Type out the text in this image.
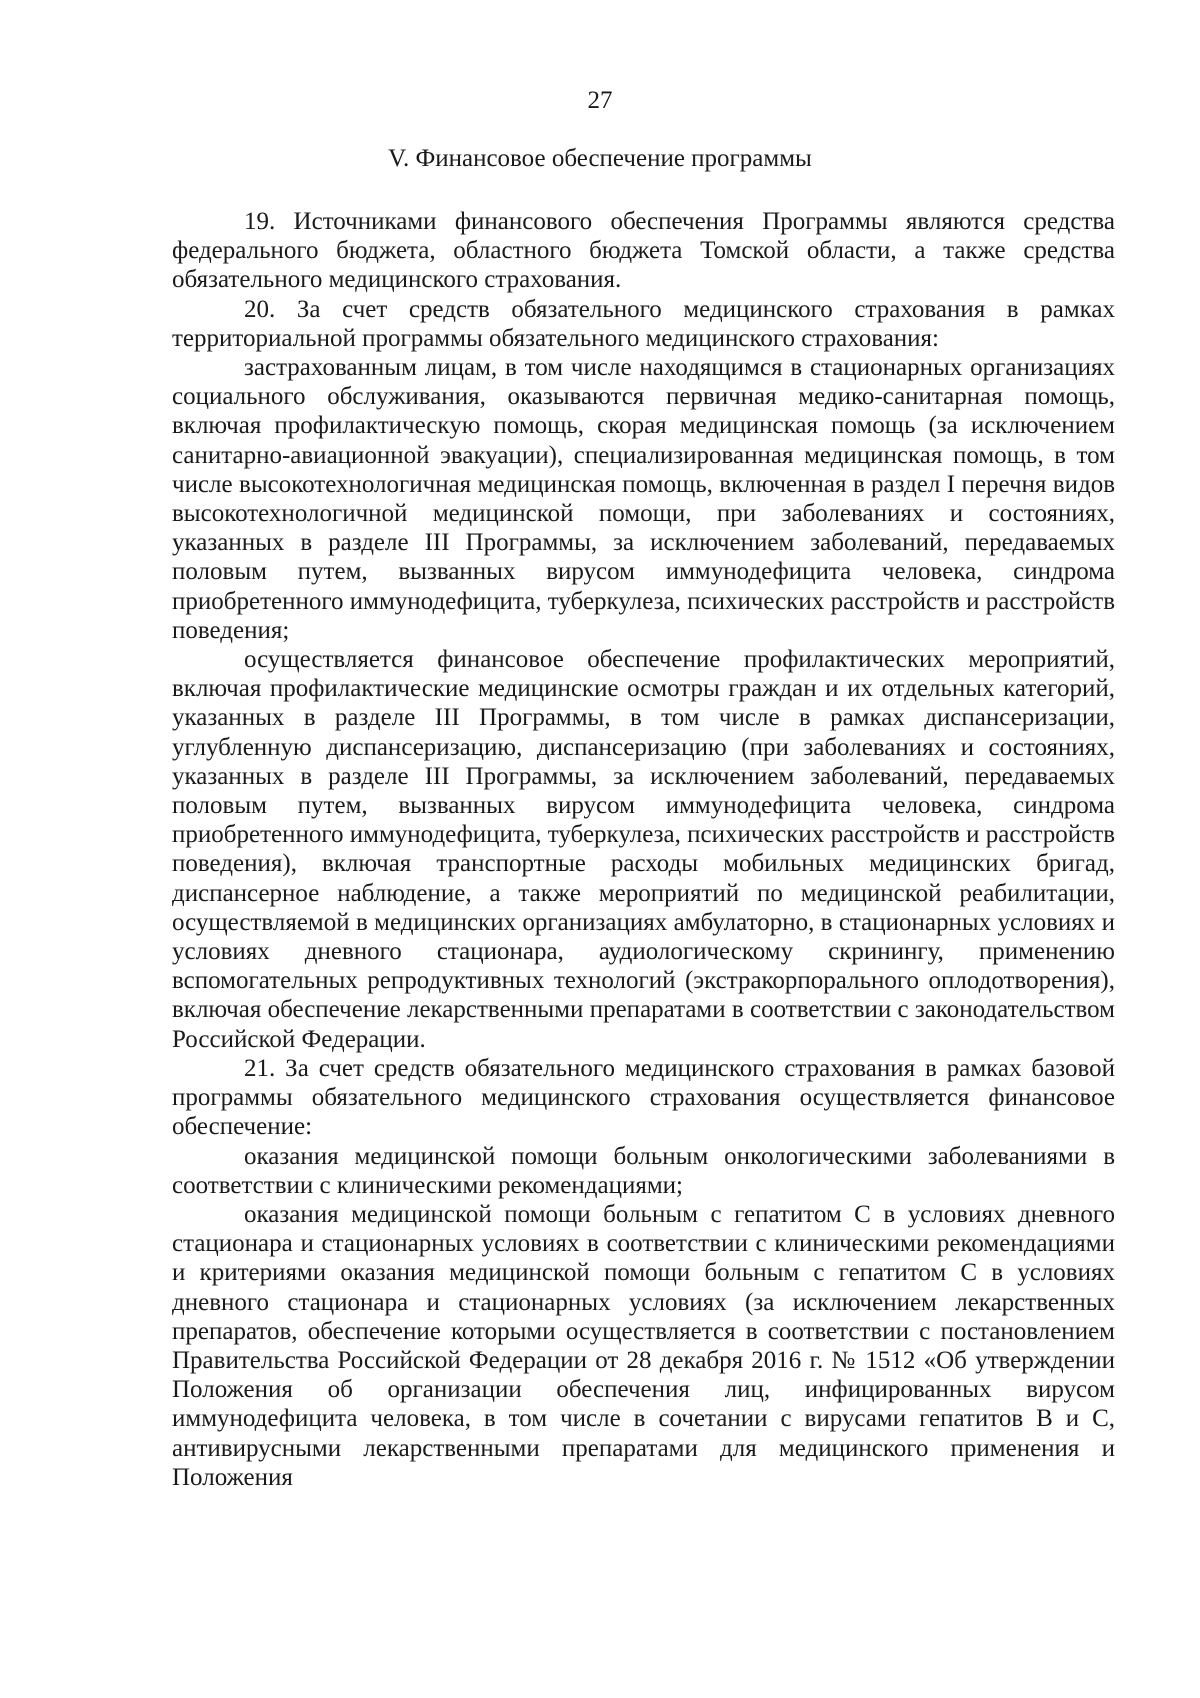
27
V. Финансовое обеспечение программы

19. Источниками финансового обеспечения Программы являются средства федерального бюджета, областного бюджета Томской области, а также средства обязательного медицинского страхования.

20. За счет средств обязательного медицинского страхования в рамках территориальной программы обязательного медицинского страхования:

застрахованным лицам, в том числе находящимся в стационарных организациях социального обслуживания, оказываются первичная медико-санитарная помощь, включая профилактическую помощь, скорая медицинская помощь (за исключением санитарно-авиационной эвакуации), специализированная медицинская помощь, в том числе высокотехнологичная медицинская помощь, включенная в раздел I перечня видов высокотехнологичной медицинской помощи, при заболеваниях и состояниях, указанных в разделе III Программы, за исключением заболеваний, передаваемых половым путем, вызванных вирусом иммунодефицита человека, синдрома приобретенного иммунодефицита, туберкулеза, психических расстройств и расстройств поведения;

осуществляется финансовое обеспечение профилактических мероприятий, включая профилактические медицинские осмотры граждан и их отдельных категорий, указанных в разделе III Программы, в том числе в рамках диспансеризации, углубленную диспансеризацию, диспансеризацию (при заболеваниях и состояниях, указанных в разделе III Программы, за исключением заболеваний, передаваемых половым путем, вызванных вирусом иммунодефицита человека, синдрома приобретенного иммунодефицита, туберкулеза, психических расстройств и расстройств поведения), включая транспортные расходы мобильных медицинских бригад, диспансерное наблюдение, а также мероприятий по медицинской реабилитации, осуществляемой в медицинских организациях амбулаторно, в стационарных условиях и условиях дневного стационара, аудиологическому скринингу, применению вспомогательных репродуктивных технологий (экстракорпорального оплодотворения), включая обеспечение лекарственными препаратами в соответствии с законодательством Российской Федерации.

21. За счет средств обязательного медицинского страхования в рамках базовой программы обязательного медицинского страхования осуществляется финансовое обеспечение:

оказания медицинской помощи больным онкологическими заболеваниями в соответствии с клиническими рекомендациями;

оказания медицинской помощи больным с гепатитом С в условиях дневного стационара и стационарных условиях в соответствии с клиническими рекомендациями и критериями оказания медицинской помощи больным с гепатитом С в условиях дневного стационара и стационарных условиях (за исключением лекарственных препаратов, обеспечение которыми осуществляется в соответствии с постановлением Правительства Российской Федерации от 28 декабря 2016 г. № 1512 «Об утверждении Положения об организации обеспечения лиц, инфицированных вирусом иммунодефицита человека, в том числе в сочетании с вирусами гепатитов В и С, антивирусными лекарственными препаратами для медицинского применения и Положения
